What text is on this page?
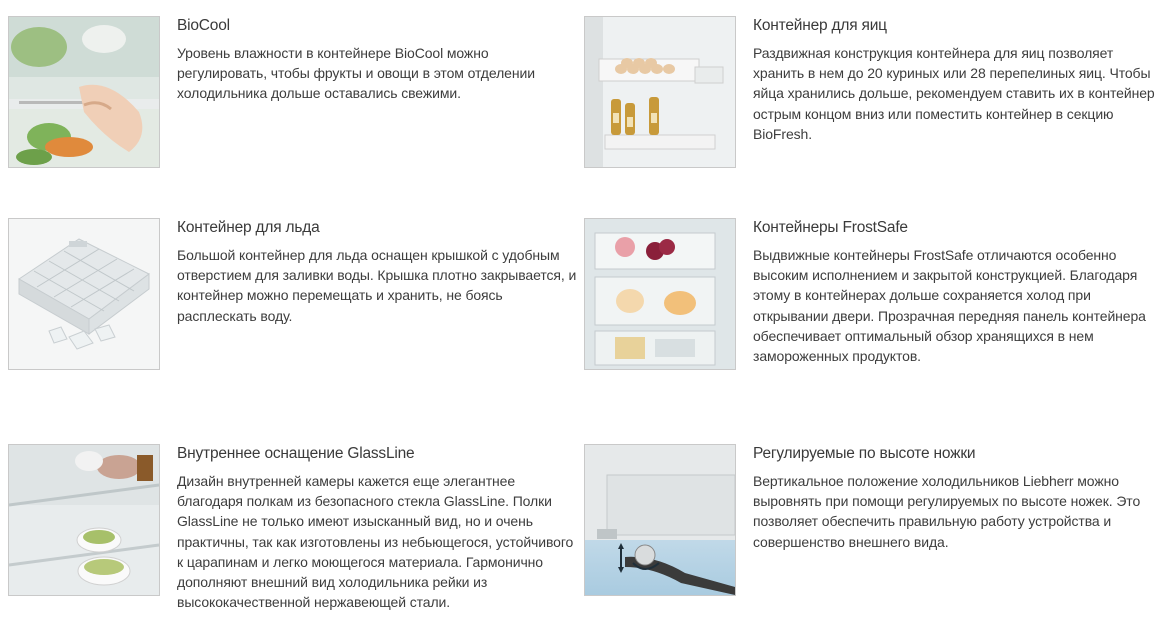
BioCool

Уровень влажности в контейнере BioCool можно регулировать, чтобы фрукты и овощи в этом отделении холодильника дольше оставались свежими.

Контейнер для яиц

Раздвижная конструкция контейнера для яиц позволяет хранить в нем до 20 куриных или 28 перепелиных яиц. Чтобы яйца хранились дольше, рекомендуем ставить их в контейнер острым концом вниз или поместить контейнер в секцию BioFresh.

Контейнер для льда

Большой контейнер для льда оснащен крышкой с удобным отверстием для заливки воды. Крышка плотно закрывается, и контейнер можно перемещать и хранить, не боясь расплескать воду.

Контейнеры FrostSafe

Выдвижные контейнеры FrostSafe отличаются особенно высоким исполнением и закрытой конструкцией. Благодаря этому в контейнерах дольше сохраняется холод при открывании двери. Прозрачная передняя панель контейнера обеспечивает оптимальный обзор хранящихся в нем замороженных продуктов.

Внутреннее оснащение GlassLine

Дизайн внутренней камеры кажется еще элегантнее благодаря полкам из безопасного стекла GlassLine. Полки GlassLine не только имеют изысканный вид, но и очень практичны, так как изготовлены из небьющегося, устойчивого к царапинам и легко моющегося материала. Гармонично дополняют внешний вид холодильника рейки из высококачественной нержавеющей стали.

Регулируемые по высоте ножки

Вертикальное положение холодильников Liebherr можно выровнять при помощи регулируемых по высоте ножек. Это позволяет обеспечить правильную работу устройства и совершенство внешнего вида.
